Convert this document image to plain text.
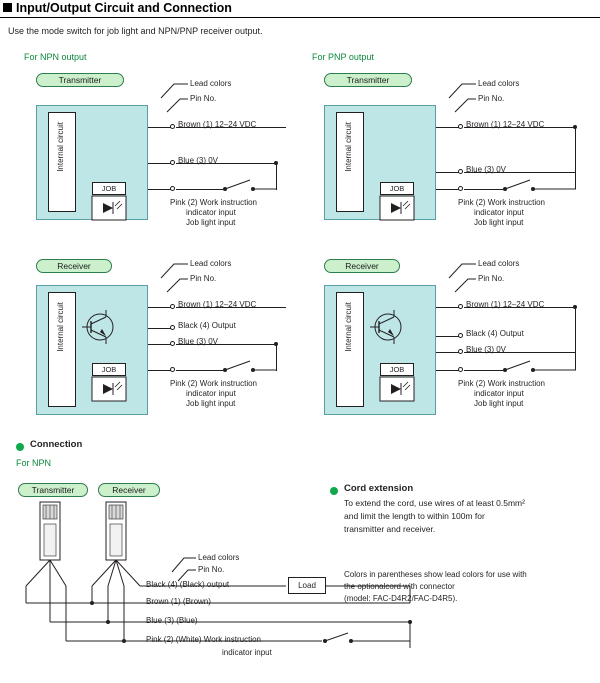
Input/Output Circuit and Connection
Use the mode switch for job light and NPN/PNP receiver output.
For NPN output	For PNP output
Transmitter	Lead colors
Pin No.
Internal circuit
JOB
Brown (1) 12–24 VDC
Blue (3) 0V
Pink (2) Work instruction
indicator input
Job light input
Transmitter	Lead colors
Pin No.
Internal circuit
JOB
Brown (1) 12–24 VDC
Blue (3) 0V
Pink (2) Work instruction
indicator input
Job light input
Receiver	Lead colors
Pin No.
Internal circuit
JOB
Brown (1) 12–24 VDC
Black (4) Output
Blue (3) 0V
Pink (2) Work instruction
indicator input
Job light input
Receiver	Lead colors
Pin No.
Internal circuit
JOB
Brown (1) 12–24 VDC
Black (4) Output
Blue (3) 0V
Pink (2) Work instruction
indicator input
Job light input
Connection
For NPN
Transmitter	Receiver
Lead colors
Pin No.
Load
Black (4) (Black) output
Brown (1) (Brown)
Blue (3) (Blue)
Pink (2) (White) Work instruction
indicator input
Cord extension
To extend the cord, use wires of at least 0.5mm²
and limit the length to within 100m for
transmitter and receiver.
Colors in parentheses show lead colors for use with
the optionalcord with connector
(model: FAC-D4R2/FAC-D4R5).
